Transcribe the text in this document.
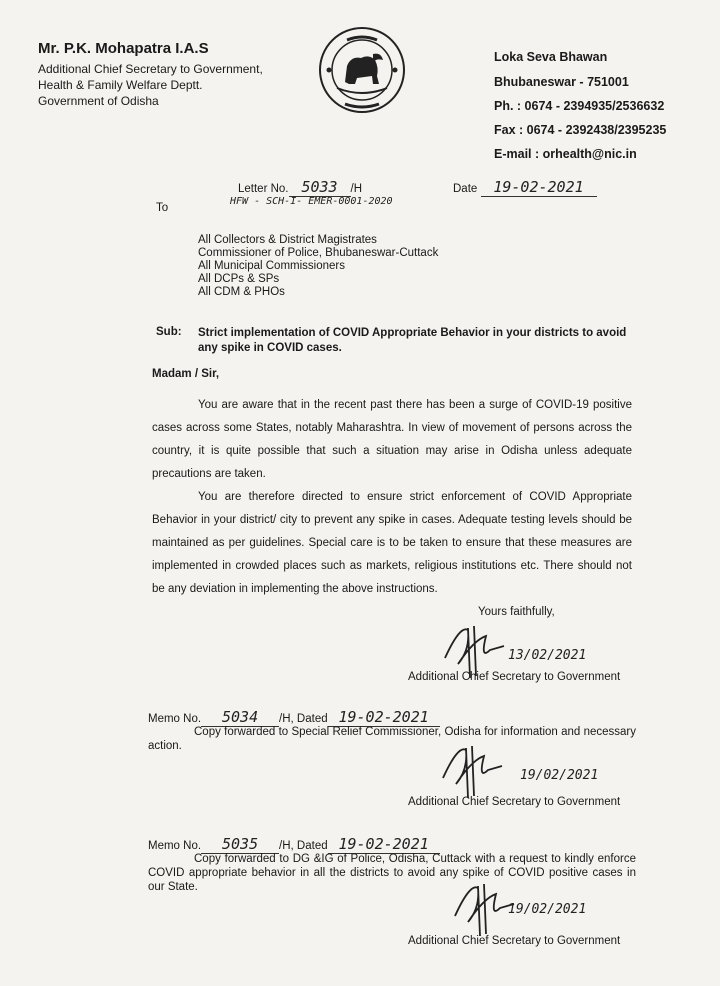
Mr. P.K. Mohapatra I.A.S
Additional Chief Secretary to Government,
Health & Family Welfare Deptt.
Government of Odisha
Loka Seva Bhawan
Bhubaneswar - 751001
Ph. : 0674 - 2394935/2536632
Fax : 0674 - 2392438/2395235
E-mail : orhealth@nic.in
Letter No. 5033 /H
HFW - SCH-I- EMER-0001-2020
Date 19-02-2021
To
All Collectors & District Magistrates
Commissioner of Police, Bhubaneswar-Cuttack
All Municipal Commissioners
All DCPs & SPs
All CDM & PHOs
Sub: Strict implementation of COVID Appropriate Behavior in your districts to avoid any spike in COVID cases.
Madam / Sir,
You are aware that in the recent past there has been a surge of COVID-19 positive cases across some States, notably Maharashtra. In view of movement of persons across the country, it is quite possible that such a situation may arise in Odisha unless adequate precautions are taken.
You are therefore directed to ensure strict enforcement of COVID Appropriate Behavior in your district/ city to prevent any spike in cases. Adequate testing levels should be maintained as per guidelines. Special care is to be taken to ensure that these measures are implemented in crowded places such as markets, religious institutions etc. There should not be any deviation in implementing the above instructions.
Yours faithfully,
13/02/2021
Additional Chief Secretary to Government
Memo No. 5034 /H, Dated 19-02-2021
Copy forwarded to Special Relief Commissioner, Odisha for information and necessary action.
19/02/2021
Additional Chief Secretary to Government
Memo No. 5035 /H, Dated 19-02-2021
Copy forwarded to DG &IG of Police, Odisha, Cuttack with a request to kindly enforce COVID appropriate behavior in all the districts to avoid any spike of COVID positive cases in our State.
19/02/2021
Additional Chief Secretary to Government
